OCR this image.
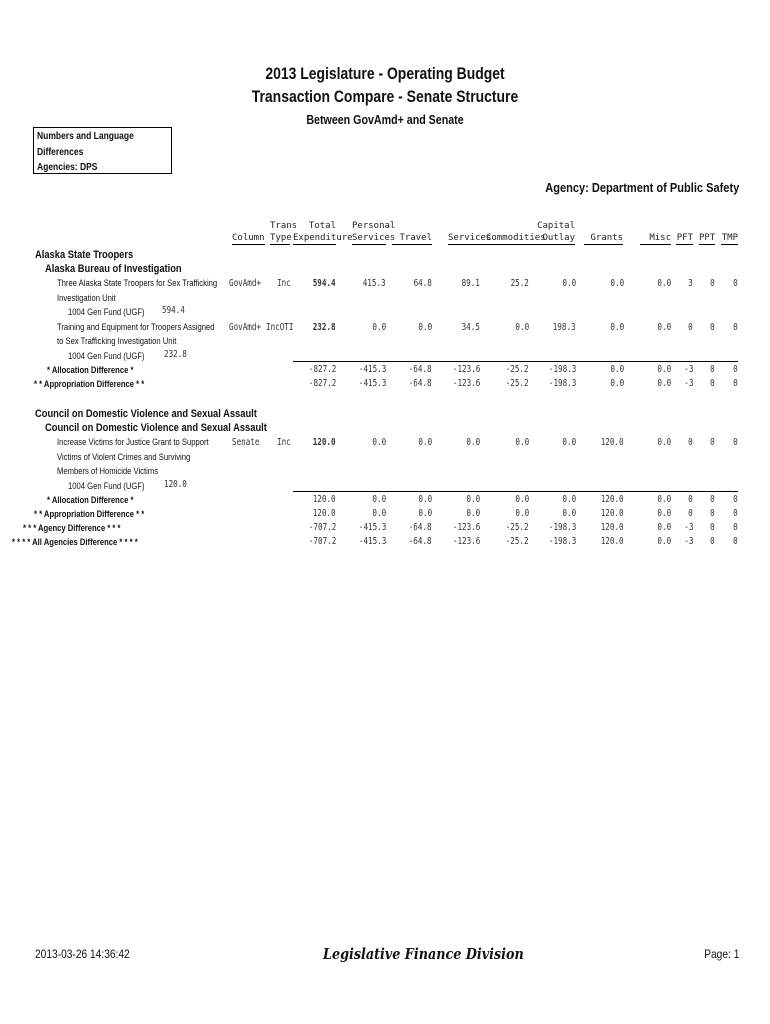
2013 Legislature - Operating Budget
Transaction Compare - Senate Structure
Between GovAmd+ and Senate
Numbers and Language
Differences
Agencies: DPS
Agency: Department of Public Safety
Column
Trans
Type
Total
Expenditure
Personal
Services Travel Services
Commodities
Capital
Outlay	Grants	Misc PFT PPT TMP
Alaska State Troopers
Alaska Bureau of Investigation
Three Alaska State Troopers for Sex Trafficking
Investigation Unit
1004 Gen Fund (UGF) 594.4
GovAmd+ Inc 594.4	415.3	64.8	89.1	25.2	0.0	0.0	0.0 3 0 0
Training and Equipment for Troopers Assigned
to Sex Trafficking Investigation Unit
1004 Gen Fund (UGF) 232.8
GovAmd+ IncOTI 232.8	0.0	0.0	34.5	0.0	198.3	0.0	0.0 0 0 0
* Allocation Difference *	-827.2 -415.3 -64.8 -123.6	-25.2 -198.3	0.0	0.0 -3 0 0
* * Appropriation Difference * *	-827.2 -415.3 -64.8 -123.6	-25.2 -198.3	0.0	0.0 -3 0 0
Council on Domestic Violence and Sexual Assault
Council on Domestic Violence and Sexual Assault
Increase Victims for Justice Grant to Support
Victims of Violent Crimes and Surviving
Members of Homicide Victims
1004 Gen Fund (UGF) 120.0
Senate Inc 120.0	0.0	0.0	0.0	0.0	0.0	120.0	0.0 0 0 0
* Allocation Difference *	120.0	0.0	0.0	0.0	0.0	0.0	120.0	0.0 0 0 0
* * Appropriation Difference * *	120.0	0.0	0.0	0.0	0.0	0.0	120.0	0.0 0 0 0
* * * Agency Difference * * *	-707.2 -415.3 -64.8 -123.6	-25.2 -198.3	120.0	0.0 -3 0 0
* * * * All Agencies Difference * * * *	-707.2 -415.3 -64.8 -123.6	-25.2 -198.3	120.0	0.0 -3 0 0
2013-03-26 14:36:42	Legislative Finance Division	Page: 1
